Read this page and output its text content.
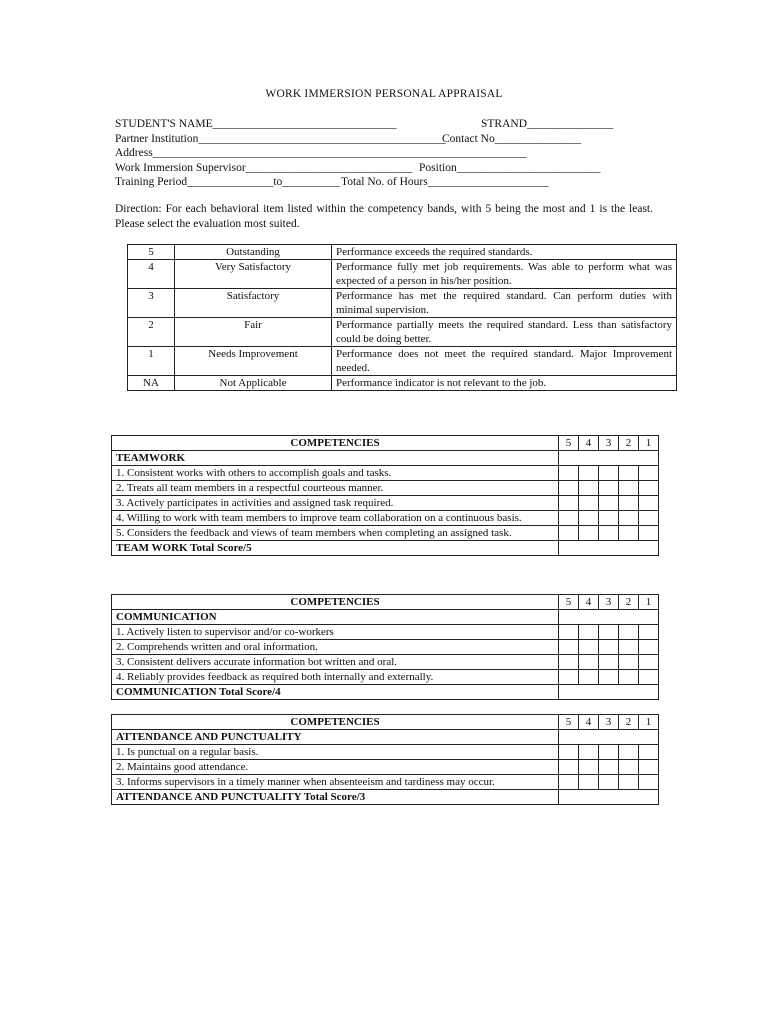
WORK IMMERSION PERSONAL APPRAISAL
STUDENT'S NAME________________________________	STRAND_______________
Partner Institution___________________________________________
Contact No_______________
Address_________________________________________________________________
Work Immersion Supervisor_____________________________ Position_________________________
Training Period_______________to__________ Total No. of Hours_____________________
Direction: For each behavioral item listed within the competency bands, with 5 being the most and 1 is the least. Please select the evaluation most suited.
5	Outstanding	Performance exceeds the required standards.
4	Very Satisfactory	Performance fully met job requirements. Was able to perform what was expected of a person in his/her position.
3	Satisfactory	Performance has met the required standard. Can perform duties with minimal supervision.
2	Fair	Performance partially meets the required standard. Less than satisfactory could be doing better.
1	Needs Improvement	Performance does not meet the required standard. Major Improvement needed.
NA	Not Applicable	Performance indicator is not relevant to the job.
COMPETENCIES	5	4	3	2	1
TEAMWORK					
1. Consistent works with others to accomplish goals and tasks.					
2. Treats all team members in a respectful courteous manner.					
3. Actively participates in activities and assigned task required.					
4. Willing to work with team members to improve team collaboration on a continuous basis.					
5. Considers the feedback and views of team members when completing an assigned task.					
TEAM WORK Total Score/5					
COMPETENCIES	5	4	3	2	1
COMMUNICATION					
1. Actively listen to supervisor and/or co-workers					
2. Comprehends written and oral information.					
3. Consistent delivers accurate information bot written and oral.					
4. Reliably provides feedback as required both internally and externally.					
COMMUNICATION Total Score/4					
COMPETENCIES	5	4	3	2	1
ATTENDANCE AND PUNCTUALITY					
1. Is punctual on a regular basis.					
2. Maintains good attendance.					
3. Informs supervisors in a timely manner when absenteeism and tardiness may occur.					
ATTENDANCE AND PUNCTUALITY Total Score/3					
